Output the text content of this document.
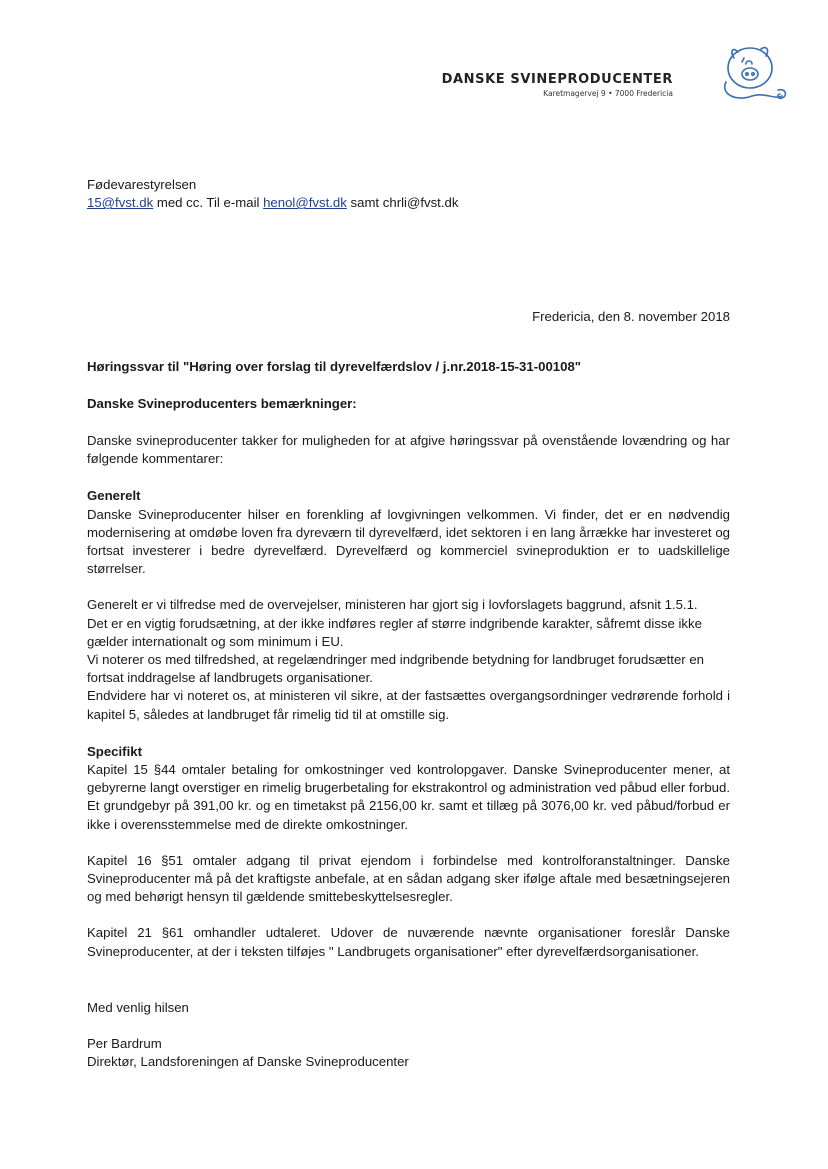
DANSKE SVINEPRODUCENTER
Karetmagervej 9 • 7000 Fredericia

Fødevarestyrelsen

15@fvst.dk med cc. Til e-mail henol@fvst.dk samt chrli@fvst.dk

Fredericia, den 8. november 2018

Høringssvar til "Høring over forslag til dyrevelfærdslov / j.nr.2018-15-31-00108"

Danske Svineproducenters bemærkninger:

Danske svineproducenter takker for muligheden for at afgive høringssvar på ovenstående lovændring og har følgende kommentarer:

Generelt

Danske Svineproducenter hilser en forenkling af lovgivningen velkommen. Vi finder, det er en nødvendig modernisering at omdøbe loven fra dyreværn til dyrevelfærd, idet sektoren i en lang årrække har investeret og fortsat investerer i bedre dyrevelfærd. Dyrevelfærd og kommerciel svineproduktion er to uadskillelige størrelser.

Generelt er vi tilfredse med de overvejelser, ministeren har gjort sig i lovforslagets baggrund, afsnit 1.5.1.

Det er en vigtig forudsætning, at der ikke indføres regler af større indgribende karakter, såfremt disse ikke gælder internationalt og som minimum i EU.

Vi noterer os med tilfredshed, at regelændringer med indgribende betydning for landbruget forudsætter en fortsat inddragelse af landbrugets organisationer.

Endvidere har vi noteret os, at ministeren vil sikre, at der fastsættes overgangsordninger vedrørende forhold i kapitel 5, således at landbruget får rimelig tid til at omstille sig.

Specifikt

Kapitel 15 §44 omtaler betaling for omkostninger ved kontrolopgaver. Danske Svineproducenter mener, at gebyrerne langt overstiger en rimelig brugerbetaling for ekstrakontrol og administration ved påbud eller forbud. Et grundgebyr på 391,00 kr. og en timetakst på 2156,00 kr. samt et tillæg på 3076,00 kr. ved påbud/forbud er ikke i overensstemmelse med de direkte omkostninger.

Kapitel 16 §51 omtaler adgang til privat ejendom i forbindelse med kontrolforanstaltninger. Danske Svineproducenter må på det kraftigste anbefale, at en sådan adgang sker ifølge aftale med besætningsejeren og med behørigt hensyn til gældende smittebeskyttelsesregler.

Kapitel 21 §61 omhandler udtaleret. Udover de nuværende nævnte organisationer foreslår Danske Svineproducenter, at der i teksten tilføjes " Landbrugets organisationer" efter dyrevelfærdsorganisationer.

Med venlig hilsen

Per Bardrum

Direktør, Landsforeningen af Danske Svineproducenter
